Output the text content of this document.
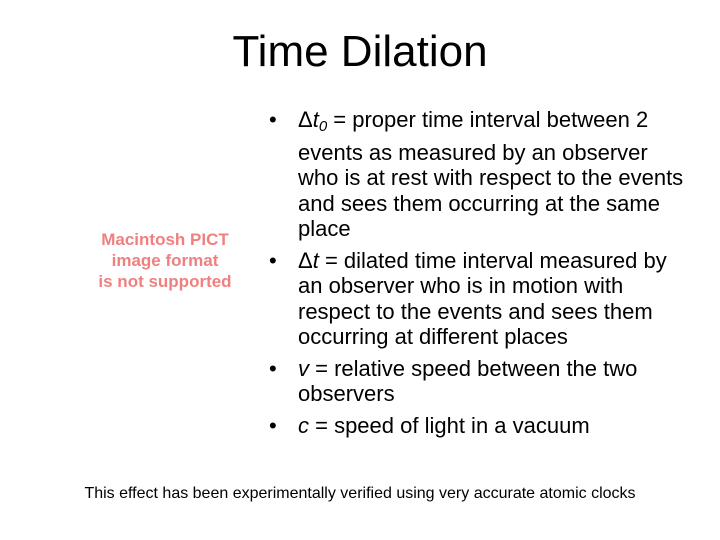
Time Dilation
Macintosh PICT
image format
is not supported
• Δt0 = proper time interval between 2 events as measured by an observer who is at rest with respect to the events and sees them occurring at the same place
• Δt = dilated time interval measured by an observer who is in motion with respect to the events and sees them occurring at different places
• v = relative speed between the two observers
• c = speed of light in a vacuum
This effect has been experimentally verified using very accurate atomic clocks
